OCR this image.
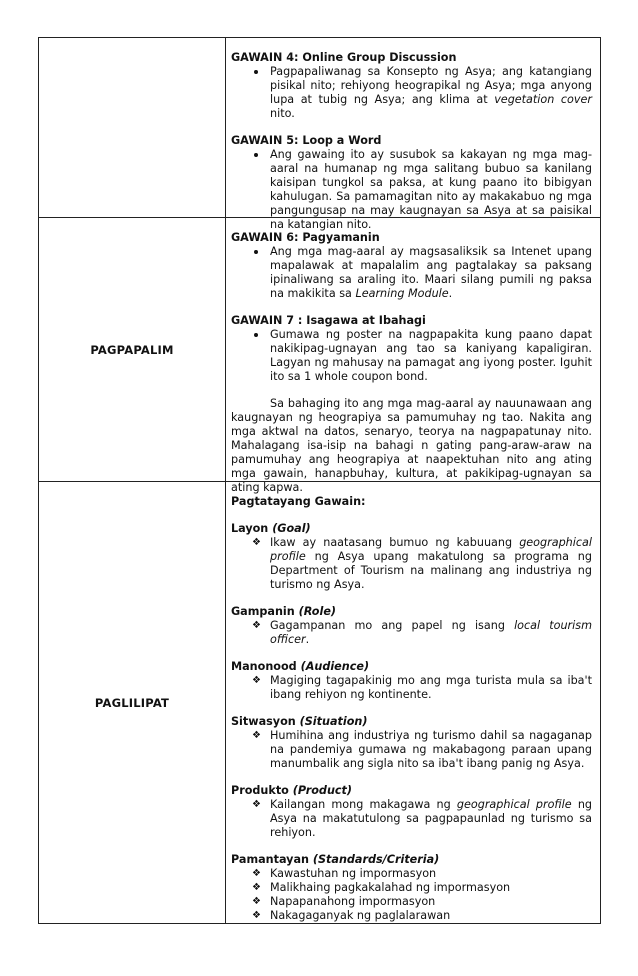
GAWAIN 4: Online Group Discussion

Pagpapaliwanag sa Konsepto ng Asya; ang katangiang pisikal nito; rehiyong heograpikal ng Asya; mga anyong lupa at tubig ng Asya; ang klima at vegetation cover nito.

GAWAIN 5: Loop a Word

Ang gawaing ito ay susubok sa kakayan ng mga mag-aaral na humanap ng mga salitang bubuo sa kanilang kaisipan tungkol sa paksa, at kung paano ito bibigyan kahulugan. Sa pamamagitan nito ay makakabuo ng mga pangungusap na may kaugnayan sa Asya at sa paisikal na katangian nito.

PAGPAPALIM

GAWAIN 6: Pagyamanin

Ang mga mag-aaral ay magsasaliksik sa Intenet upang mapalawak at mapalalim ang pagtalakay sa paksang ipinaliwang sa araling ito. Maari silang pumili ng paksa na makikita sa Learning Module.

GAWAIN 7 : Isagawa at Ibahagi

Gumawa ng poster na nagpapakita kung paano dapat nakikipag-ugnayan ang tao sa kaniyang kapaligiran. Lagyan ng mahusay na pamagat ang iyong poster. Iguhit ito sa 1 whole coupon bond.

Sa bahaging ito ang mga mag-aaral ay nauunawaan ang kaugnayan ng heograpiya sa pamumuhay ng tao. Nakita ang mga aktwal na datos, senaryo, teorya na nagpapatunay nito. Mahalagang isa-isip na bahagi n gating pang-araw-araw na pamumuhay ang heograpiya at naapektuhan nito ang ating mga gawain, hanapbuhay, kultura, at pakikipag-ugnayan sa ating kapwa.

PAGLILIPAT

Pagtatayang Gawain:

Layon (Goal)

❖ Ikaw ay naatasang bumuo ng kabuuang geographical profile ng Asya upang makatulong sa programa ng Department of Tourism na malinang ang industriya ng turismo ng Asya.

Gampanin (Role)

❖ Gagampanan mo ang papel ng isang local tourism officer.

Manonood (Audience)

❖ Magiging tagapakinig mo ang mga turista mula sa iba't ibang rehiyon ng kontinente.

Sitwasyon (Situation)

❖ Humihina ang industriya ng turismo dahil sa nagaganap na pandemiya gumawa ng makabagong paraan upang manumbalik ang sigla nito sa iba't ibang panig ng Asya.

Produkto (Product)

❖ Kailangan mong makagawa ng geographical profile ng Asya na makatutulong sa pagpapaunlad ng turismo sa rehiyon.

Pamantayan (Standards/Criteria)

❖ Kawastuhan ng impormasyon

❖ Malikhaing pagkakalahad ng impormasyon

❖ Napapanahong impormasyon

❖ Nakagaganyak ng paglalarawan
